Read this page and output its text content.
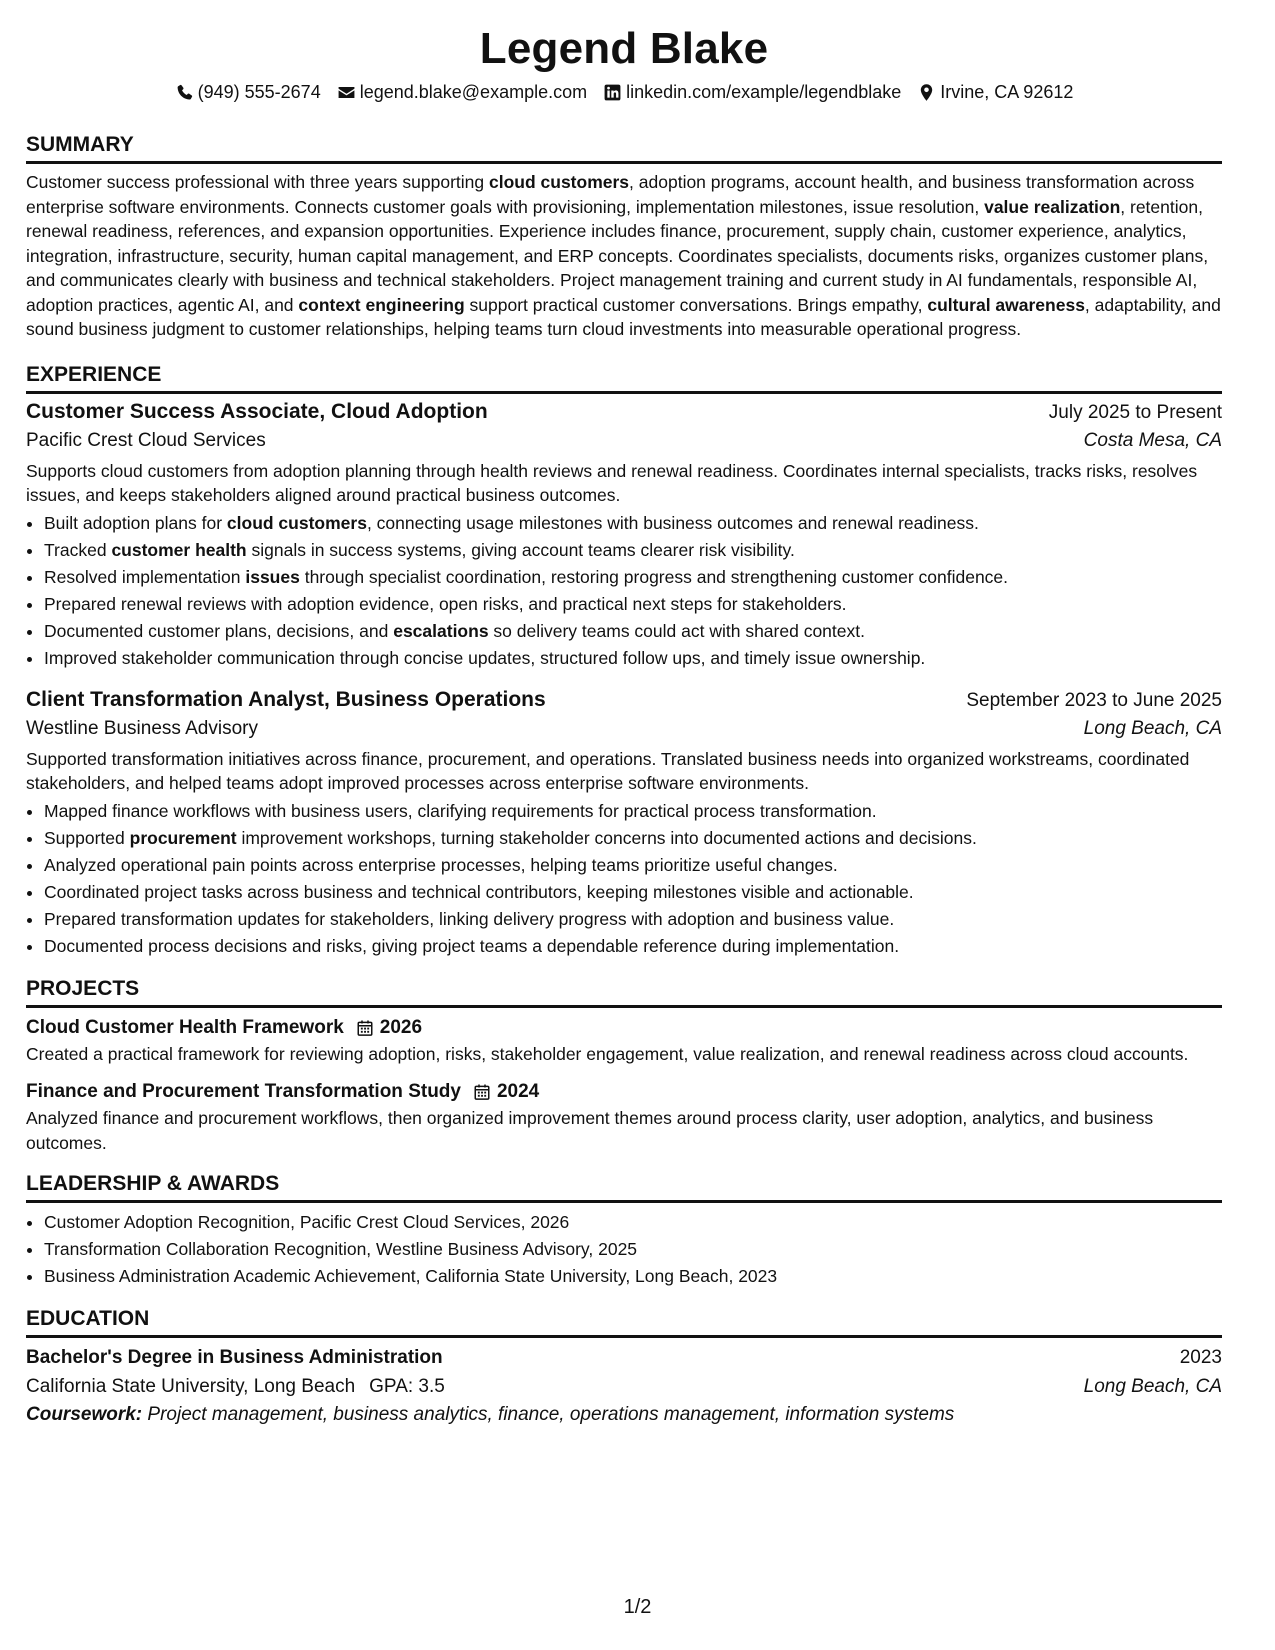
Legend Blake
(949) 555-2674 legend.blake@example.com linkedin.com/example/legendblake Irvine, CA 92612
SUMMARY

Customer success professional with three years supporting cloud customers, adoption programs, account health, and business transformation across enterprise software environments. Connects customer goals with provisioning, implementation milestones, issue resolution, value realization, retention, renewal readiness, references, and expansion opportunities. Experience includes finance, procurement, supply chain, customer experience, analytics, integration, infrastructure, security, human capital management, and ERP concepts. Coordinates specialists, documents risks, organizes customer plans, and communicates clearly with business and technical stakeholders. Project management training and current study in AI fundamentals, responsible AI, adoption practices, agentic AI, and context engineering support practical customer conversations. Brings empathy, cultural awareness, adaptability, and sound business judgment to customer relationships, helping teams turn cloud investments into measurable operational progress.

EXPERIENCE
Customer Success Associate, Cloud Adoption	July 2025 to Present
Pacific Crest Cloud Services	Costa Mesa, CA

Supports cloud customers from adoption planning through health reviews and renewal readiness. Coordinates internal specialists, tracks risks, resolves issues, and keeps stakeholders aligned around practical business outcomes.

• Built adoption plans for cloud customers, connecting usage milestones with business outcomes and renewal readiness.
• Tracked customer health signals in success systems, giving account teams clearer risk visibility.
• Resolved implementation issues through specialist coordination, restoring progress and strengthening customer confidence.
• Prepared renewal reviews with adoption evidence, open risks, and practical next steps for stakeholders.
• Documented customer plans, decisions, and escalations so delivery teams could act with shared context.
• Improved stakeholder communication through concise updates, structured follow ups, and timely issue ownership.
Client Transformation Analyst, Business Operations	September 2023 to June 2025
Westline Business Advisory	Long Beach, CA

Supported transformation initiatives across finance, procurement, and operations. Translated business needs into organized workstreams, coordinated stakeholders, and helped teams adopt improved processes across enterprise software environments.

• Mapped finance workflows with business users, clarifying requirements for practical process transformation.
• Supported procurement improvement workshops, turning stakeholder concerns into documented actions and decisions.
• Analyzed operational pain points across enterprise processes, helping teams prioritize useful changes.
• Coordinated project tasks across business and technical contributors, keeping milestones visible and actionable.
• Prepared transformation updates for stakeholders, linking delivery progress with adoption and business value.
• Documented process decisions and risks, giving project teams a dependable reference during implementation.
PROJECTS
Cloud Customer Health Framework 2026

Created a practical framework for reviewing adoption, risks, stakeholder engagement, value realization, and renewal readiness across cloud accounts.

Finance and Procurement Transformation Study 2024

Analyzed finance and procurement workflows, then organized improvement themes around process clarity, user adoption, analytics, and business outcomes.

LEADERSHIP & AWARDS
• Customer Adoption Recognition, Pacific Crest Cloud Services, 2026
• Transformation Collaboration Recognition, Westline Business Advisory, 2025
• Business Administration Academic Achievement, California State University, Long Beach, 2023
EDUCATION
Bachelor's Degree in Business Administration	2023
California State University, Long Beach GPA: 3.5	Long Beach, CA
Coursework: Project management, business analytics, finance, operations management, information systems
1/2
